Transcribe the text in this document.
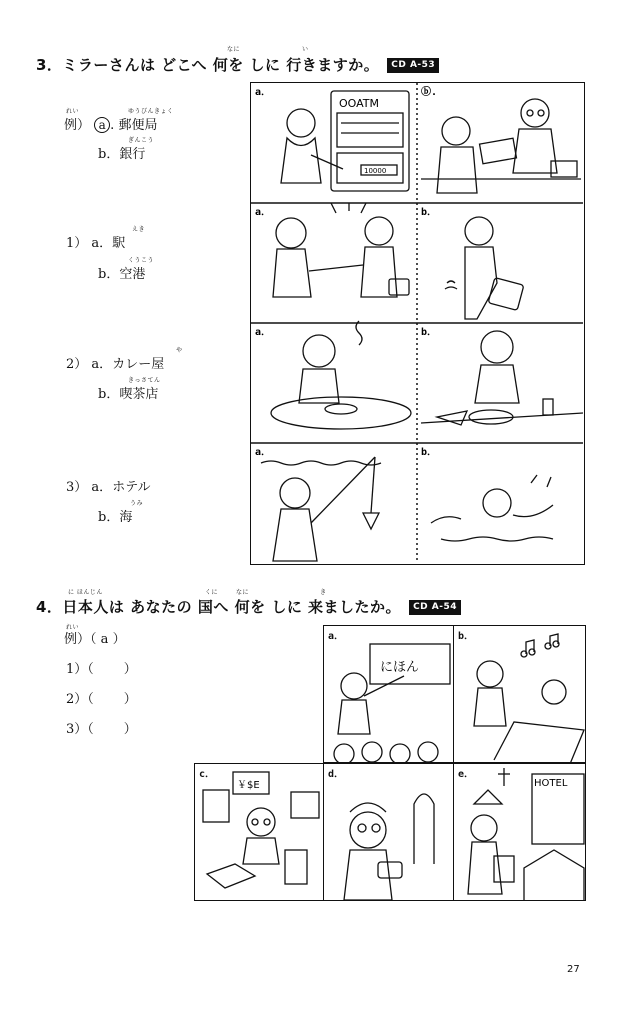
3．ミラーさんは どこへ 何を しに 行きますか。 CD A-53
なに	い
れい
例） a . 郵便局
ゆうびんきょく
b．銀行
ぎんこう
1） a．駅
えき
b．空港
くうこう
2） a．カレー屋
や
b．喫茶店
きっさてん
3） a．ホテル
b．海
うみ
OOATM
10000
a．	ⓑ.
a．	b．
a．	b．
a．	b．
に ほんじん	くに	なに	き
4．日本人は あなたの 国へ 何を しに 来ましたか。 CD A-54
れい
例）（ a ）
1）（ ）
2）（ ）
3）（ ）
a．
にほん
b．
c．
￥$E
d．	e．
HOTEL
27
